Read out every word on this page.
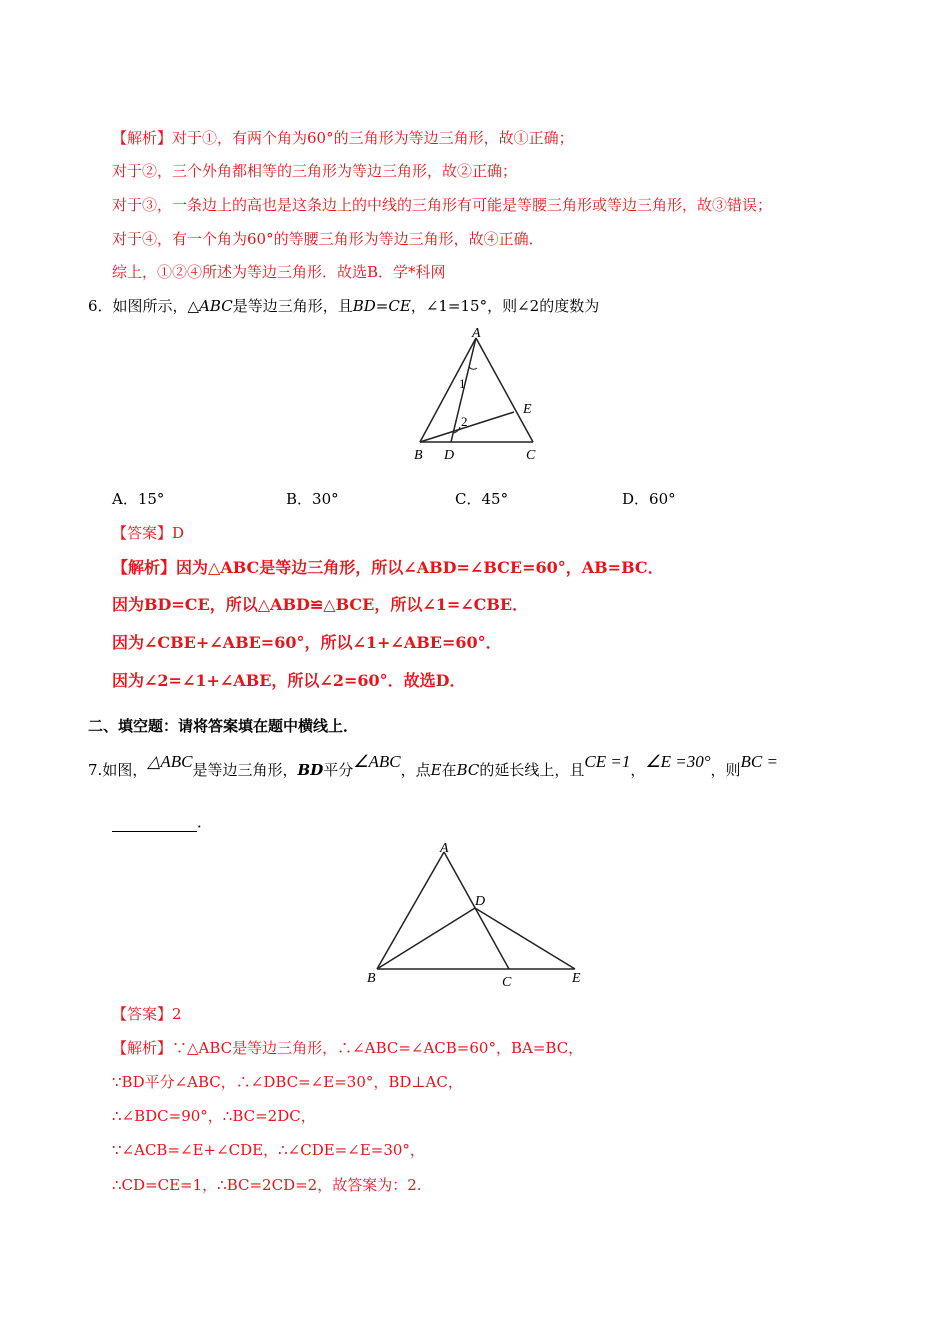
【解析】对于①，有两个角为60°的三角形为等边三角形，故①正确；
对于②，三个外角都相等的三角形为等边三角形，故②正确；
对于③，一条边上的高也是这条边上的中线的三角形有可能是等腰三角形或等边三角形，故③错误；
对于④，有一个角为60°的等腰三角形为等边三角形，故④正确．
综上，①②④所述为等边三角形．故选B．学*科网
6．如图所示，△ABC是等边三角形，且BD=CE，∠1=15°，则∠2的度数为
A
B	C
D
E
1
2
A．15°	B．30°	C．45°	D．60°
【答案】D
【解析】因为△ABC是等边三角形，所以∠ABD=∠BCE=60°，AB=BC．
因为BD=CE，所以△ABD≌△BCE，所以∠1=∠CBE．
因为∠CBE+∠ABE=60°，所以∠1+∠ABE=60°．
因为∠2=∠1+∠ABE，所以∠2=60°．故选D．
二、填空题：请将答案填在题中横线上．
7.如图，△ABC是等边三角形，BD平分∠ABC，点E在BC的延长线上，且CE =1，∠E =30°，则BC =
．
A
B	C
D
E
【答案】2
【解析】∵△ABC是等边三角形，∴∠ABC=∠ACB=60°，BA=BC，
∵BD平分∠ABC，∴∠DBC=∠E=30°，BD⊥AC，
∴∠BDC=90°，∴BC=2DC，
∵∠ACB=∠E+∠CDE，∴∠CDE=∠E=30°，
∴CD=CE=1，∴BC=2CD=2，故答案为：2.
